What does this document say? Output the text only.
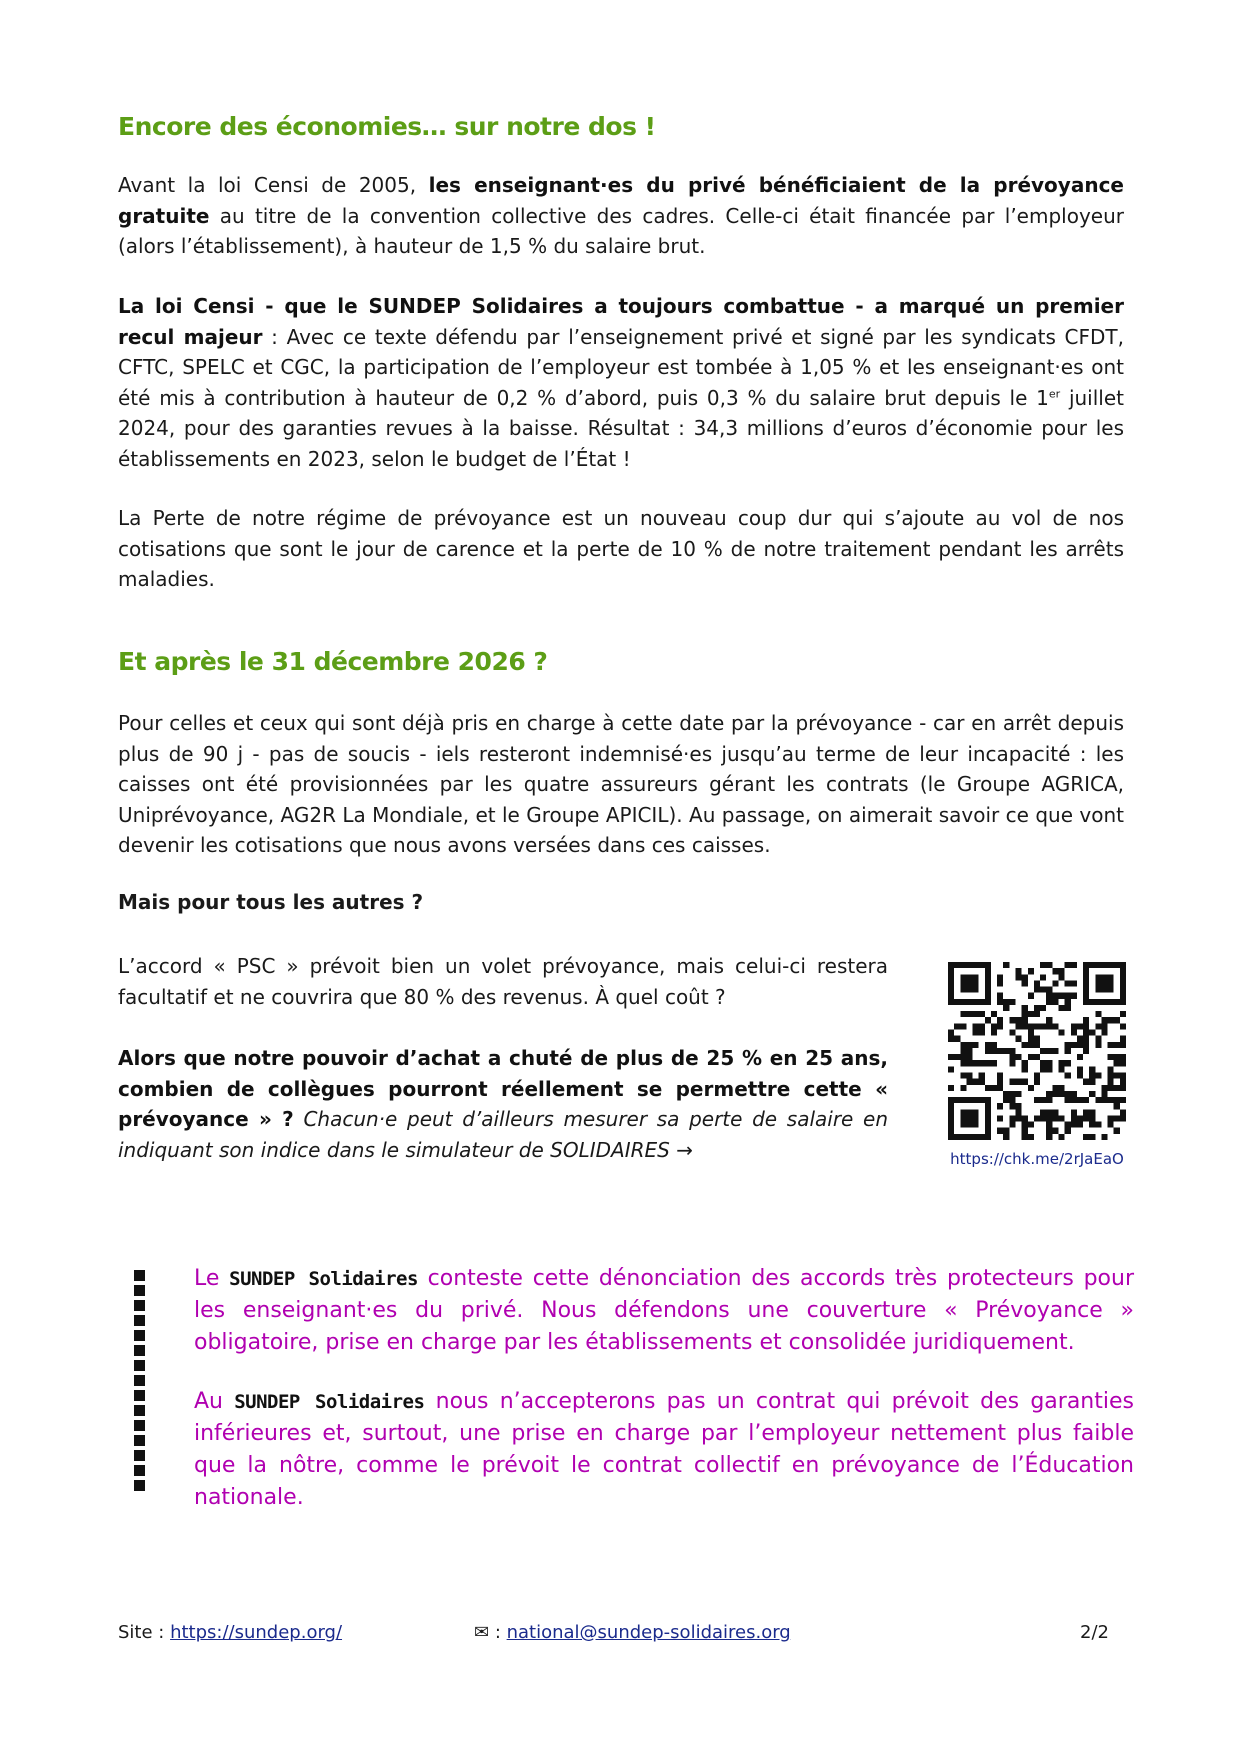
Encore des économies… sur notre dos !

Avant la loi Censi de 2005, les enseignant·es du privé bénéficiaient de la prévoyance gratuite au titre de la convention collective des cadres. Celle-ci était financée par l’employeur (alors l’établissement), à hauteur de 1,5 % du salaire brut.

La loi Censi - que le SUNDEP Solidaires a toujours combattue - a marqué un premier recul majeur : Avec ce texte défendu par l’enseignement privé et signé par les syndicats CFDT, CFTC, SPELC et CGC, la participation de l’employeur est tombée à 1,05 % et les enseignant·es ont été mis à contribution à hauteur de 0,2 % d’abord, puis 0,3 % du salaire brut depuis le 1er juillet 2024, pour des garanties revues à la baisse. Résultat : 34,3 millions d’euros d’économie pour les établissements en 2023, selon le budget de l’État !

La Perte de notre régime de prévoyance est un nouveau coup dur qui s’ajoute au vol de nos cotisations que sont le jour de carence et la perte de 10 % de notre traitement pendant les arrêts maladies.

Et après le 31 décembre 2026 ?

Pour celles et ceux qui sont déjà pris en charge à cette date par la prévoyance - car en arrêt depuis plus de 90 j - pas de soucis - iels resteront indemnisé·es jusqu’au terme de leur incapacité : les caisses ont été provisionnées par les quatre assureurs gérant les contrats (le Groupe AGRICA, Uniprévoyance, AG2R La Mondiale, et le Groupe APICIL). Au passage, on aimerait savoir ce que vont devenir les cotisations que nous avons versées dans ces caisses.

Mais pour tous les autres ?

L’accord « PSC » prévoit bien un volet prévoyance, mais celui-ci restera facultatif et ne couvrira que 80 % des revenus. À quel coût ?

Alors que notre pouvoir d’achat a chuté de plus de 25 % en 25 ans, combien de collègues pourront réellement se permettre cette « prévoyance » ? Chacun·e peut d’ailleurs mesurer sa perte de salaire en indiquant son indice dans le simulateur de SOLIDAIRES →	https://chk.me/2rJaEaO

Le SUNDEP Solidaires conteste cette dénonciation des accords très protecteurs pour les enseignant·es du privé. Nous défendons une couverture « Prévoyance » obligatoire, prise en charge par les établissements et consolidée juridiquement.

Au SUNDEP Solidaires nous n’accepterons pas un contrat qui prévoit des garanties inférieures et, surtout, une prise en charge par l’employeur nettement plus faible que la nôtre, comme le prévoit le contrat collectif en prévoyance de l’Éducation nationale.

Site : https://sundep.org/	✉ : national@sundep-solidaires.org	2/2
